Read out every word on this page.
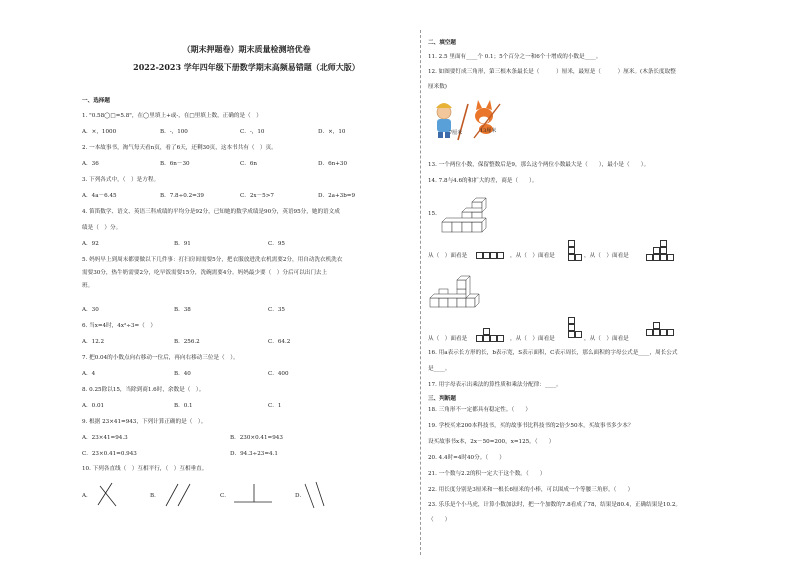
（期末押题卷）期末质量检测培优卷
2022-2023 学年四年级下册数学期末高频易错题（北师大版）
一、选择题
1. "0.58◯□=5.8"，在◯里填上+或-，在□里填上数，正确的是（　）
A．×，1000	B．-，100	C．-，10	D．×，10
2. 一本故事书，淘气每天看n页，看了6天，还剩30页，这本书共有（　）页。
A．36	B．6n－30	C．6n	D．6n+30
3. 下列各式中，（　）是方程。
A．4a－6.45	B．7.8÷0.2=39	C．2x－5>7	D．2a+3b=9
4. 笛笛数学、语文、英语三科成绩的平均分是92分，已知她的数学成绩是90分，英语95分，她的语文成
绩是（　）分。
A．92	B．91	C．95
5. 妈妈早上到周末都要做以下几件事：打扫房间需要5分，把衣服放进洗衣机需要2分，用自动洗衣机洗衣
需要30分，热牛奶需要2分，吃早饭需要15分，洗碗需要4分。妈妈最少要（　）分后可以出门去上
班。
A．30	B．38	C．35
6. 当x=4时，4x²÷3=（　）
A．12.2	B．256.2	C．64.2
7. 把0.04的小数点向右移动一位后，再向右移动三位是（　）。
A．4	B．40	C．400
8. 0.25除以15，当除到商1.6时，余数是（　）。
A．0.01	B．0.1	C．1
9. 根据 23×41=943，下列计算正确的是（　）。
A．23×41=94.3	B．230×0.41=943
C．23×0.41=0.943	D．94.3÷23=4.1
10. 下列各直线（　）互相平行，（　）互相垂直。
A．	B．	C．	D．
二、填空题
11. 2.5 里面有____个 0.1；5个百分之一和6个十增成的小数是____。
12. 如图要钉成三角形，第三根木条最长是（　　　）厘米，最短是（　　　）厘米。(木条长度取整
厘米数)
7厘米	13厘米
13. 一个两位小数，保留整数后是9，那么这个两位小数最大是（　　），最小是（　　）。
14. 7.8与4.6的和扩大的差，商是（　　）。
15.
从（　）面看是	，从（　）面看是	，从（　）面看是
从（　）面看是	，从（　）面看是	，从（　）面看是
16. 用a表示长方形的长，b表示宽，S表示面积，C表示周长，那么面积的字母公式是____，周长公式
是____。
17. 用字母表示出乘法的算性质和乘法分配律：____。
三、判断题
18. 三角形不一定都具有稳定性。（　　）
19. 学校买来200本科技书，买的故事书比科技书的2倍少50本，买故事书多少本？
设买故事书x本，2x－50=200，x=125。（　　）
20. 4.4时=4时40分。（　　）
21. 一个数与2.2的积一定大于这个数。（　　）
22. 用长度分别是3厘米和一根长6厘米的小棒，可以围成一个等腰三角形。（　　）
23. 乐乐是个小马虎，计算小数加法时，把一个加数的7.8看成了78，结果是80.4，正确结果是10.2。
（　　）
